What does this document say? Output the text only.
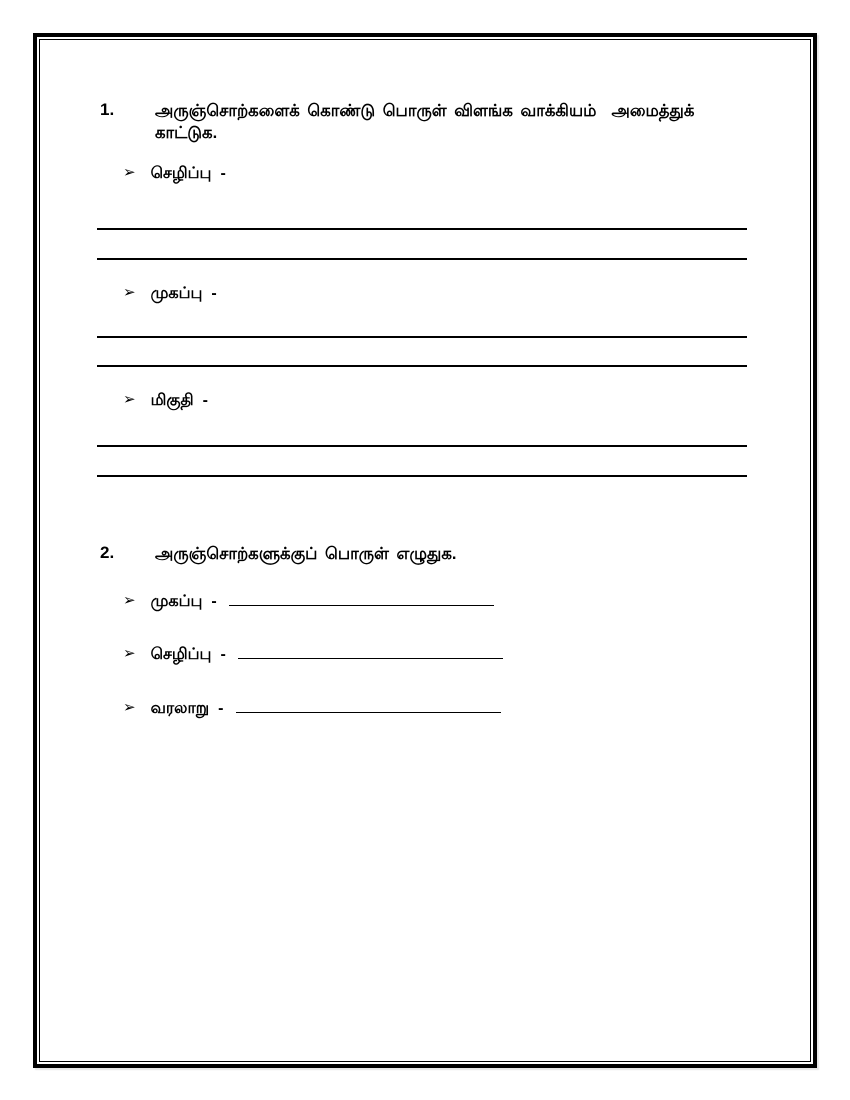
1. அருஞ்சொற்களைக் கொண்டு பொருள் விளங்க வாக்கியம்  அமைத்துக் காட்டுக.
➢ செழிப்பு -
➢ முகப்பு -
➢ மிகுதி -
2. அருஞ்சொற்களுக்குப் பொருள் எழுதுக.
➢ முகப்பு -
➢ செழிப்பு -
➢ வரலாறு -
